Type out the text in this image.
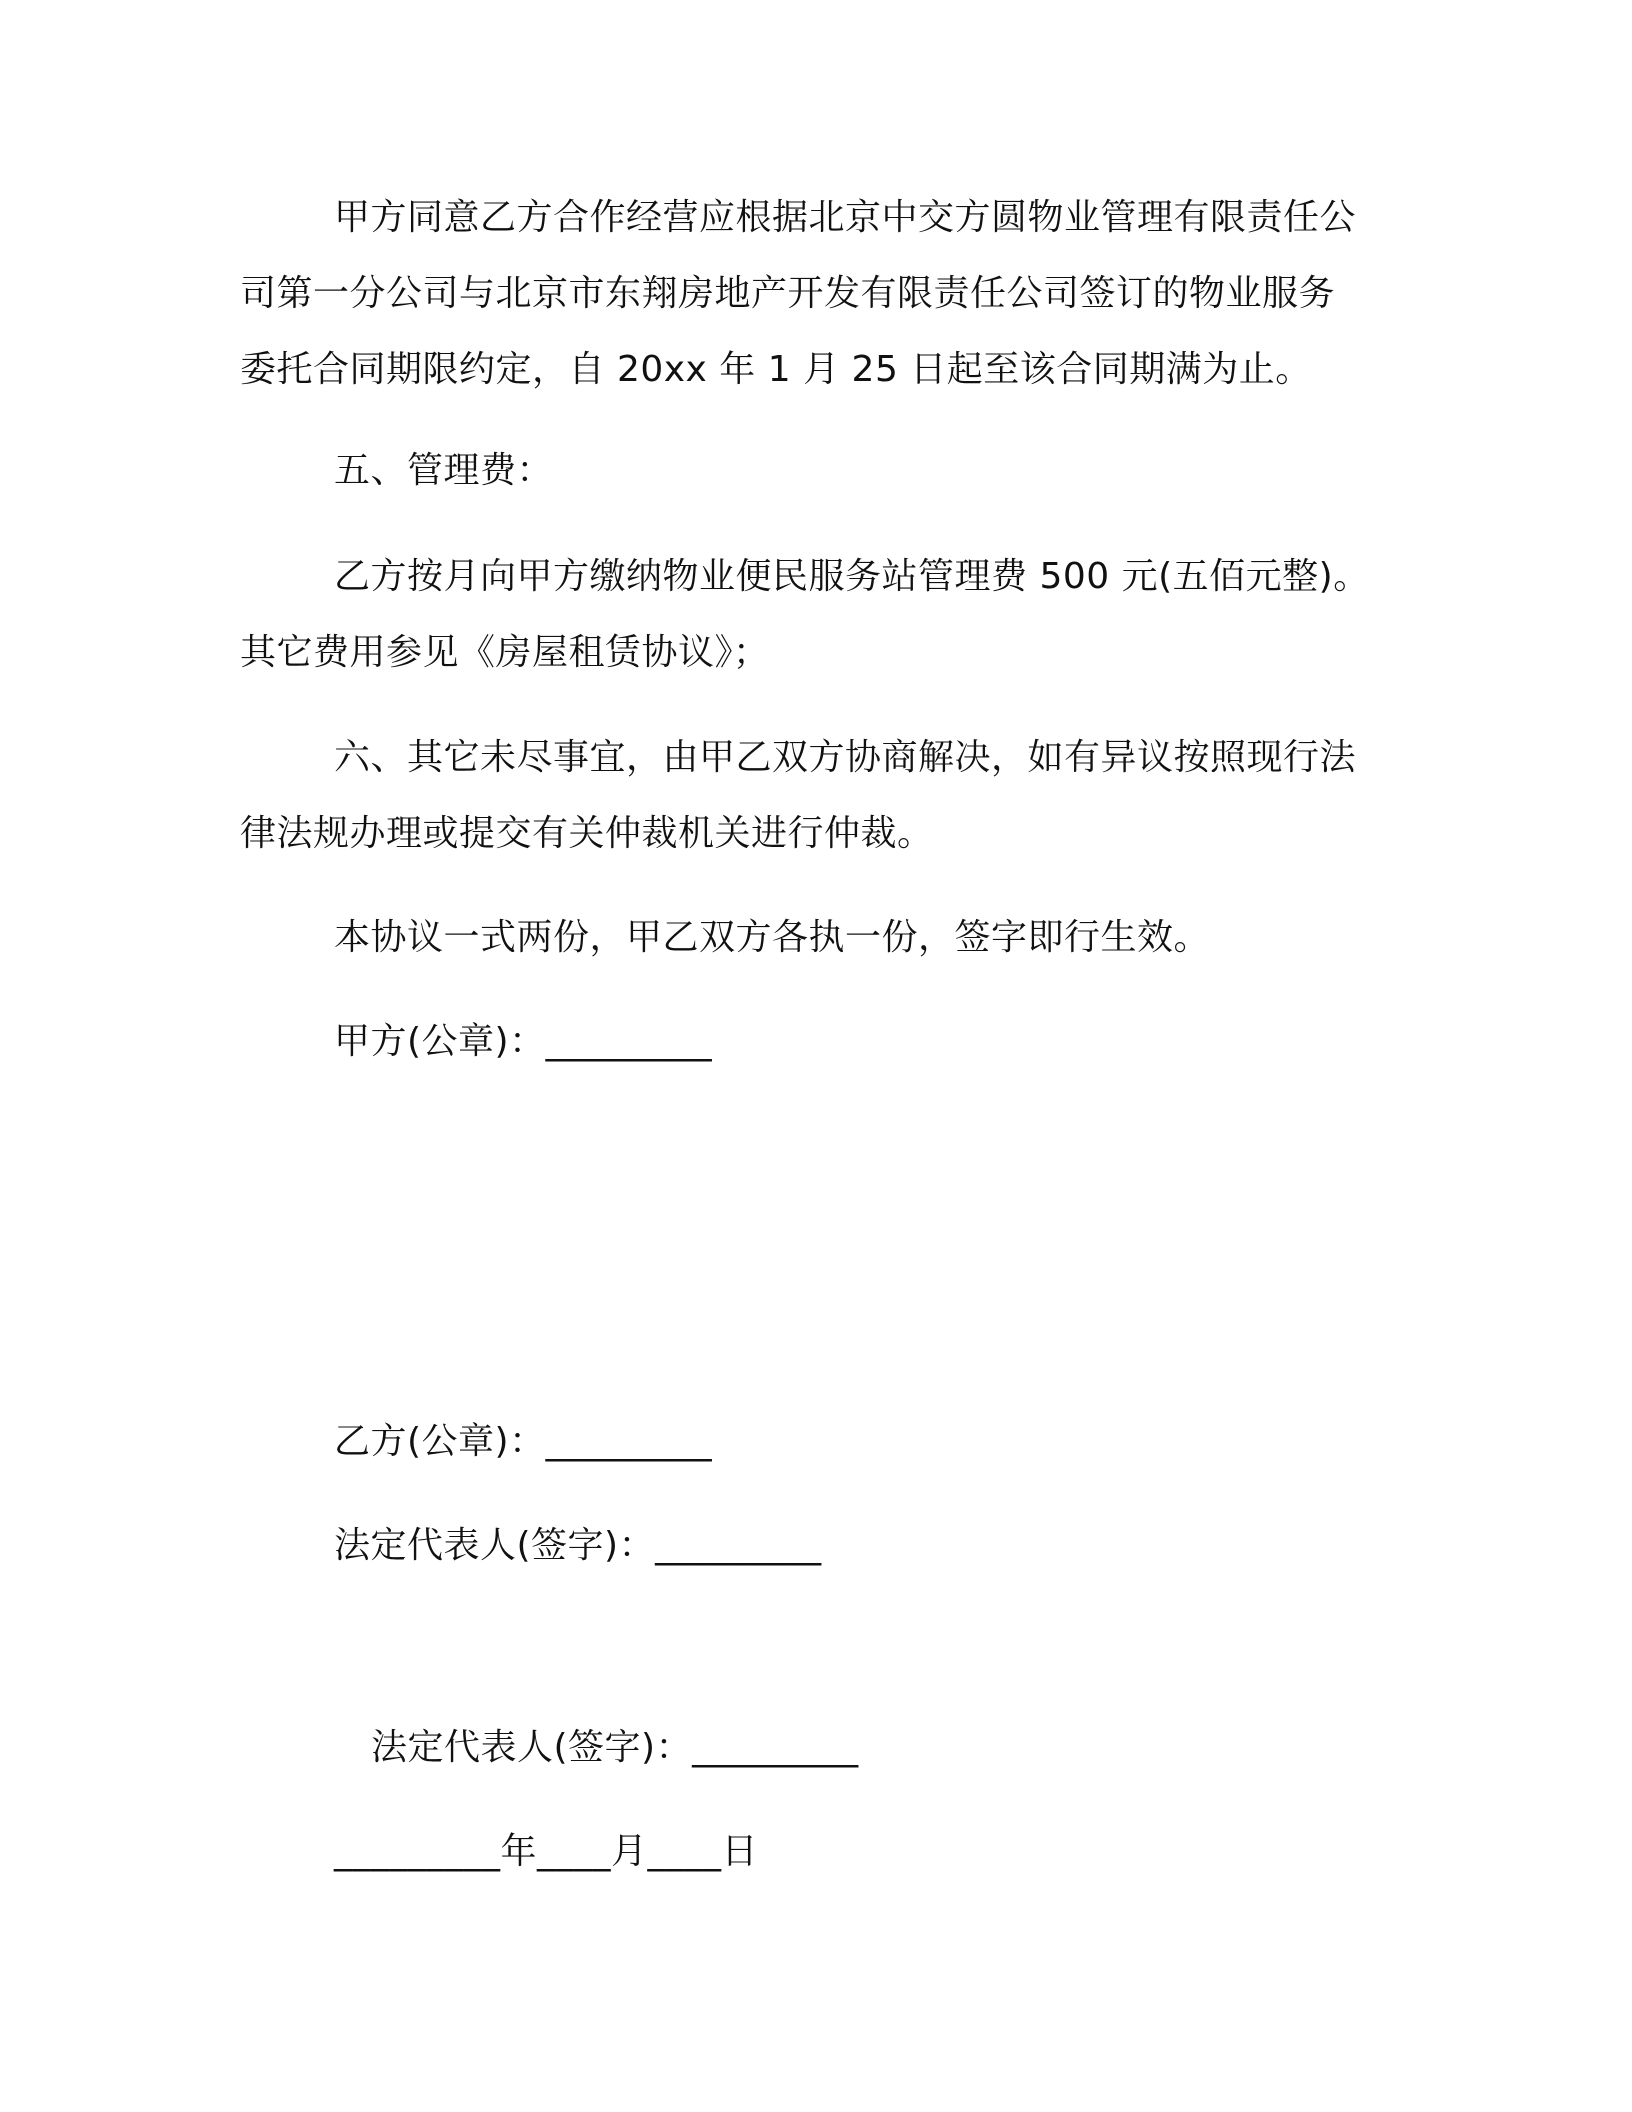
甲方同意乙方合作经营应根据北京中交方圆物业管理有限责任公
司第一分公司与北京市东翔房地产开发有限责任公司签订的物业服务
委托合同期限约定，自 20xx 年 1 月 25 日起至该合同期满为止。
五、管理费：
乙方按月向甲方缴纳物业便民服务站管理费 500 元(五佰元整)。
其它费用参见《房屋租赁协议》；
六、其它未尽事宜，由甲乙双方协商解决，如有异议按照现行法
律法规办理或提交有关仲裁机关进行仲裁。
本协议一式两份，甲乙双方各执一份，签字即行生效。
甲方(公章)：_________
乙方(公章)：_________
法定代表人(签字)：_________
法定代表人(签字)：_________
_________年____月____日
